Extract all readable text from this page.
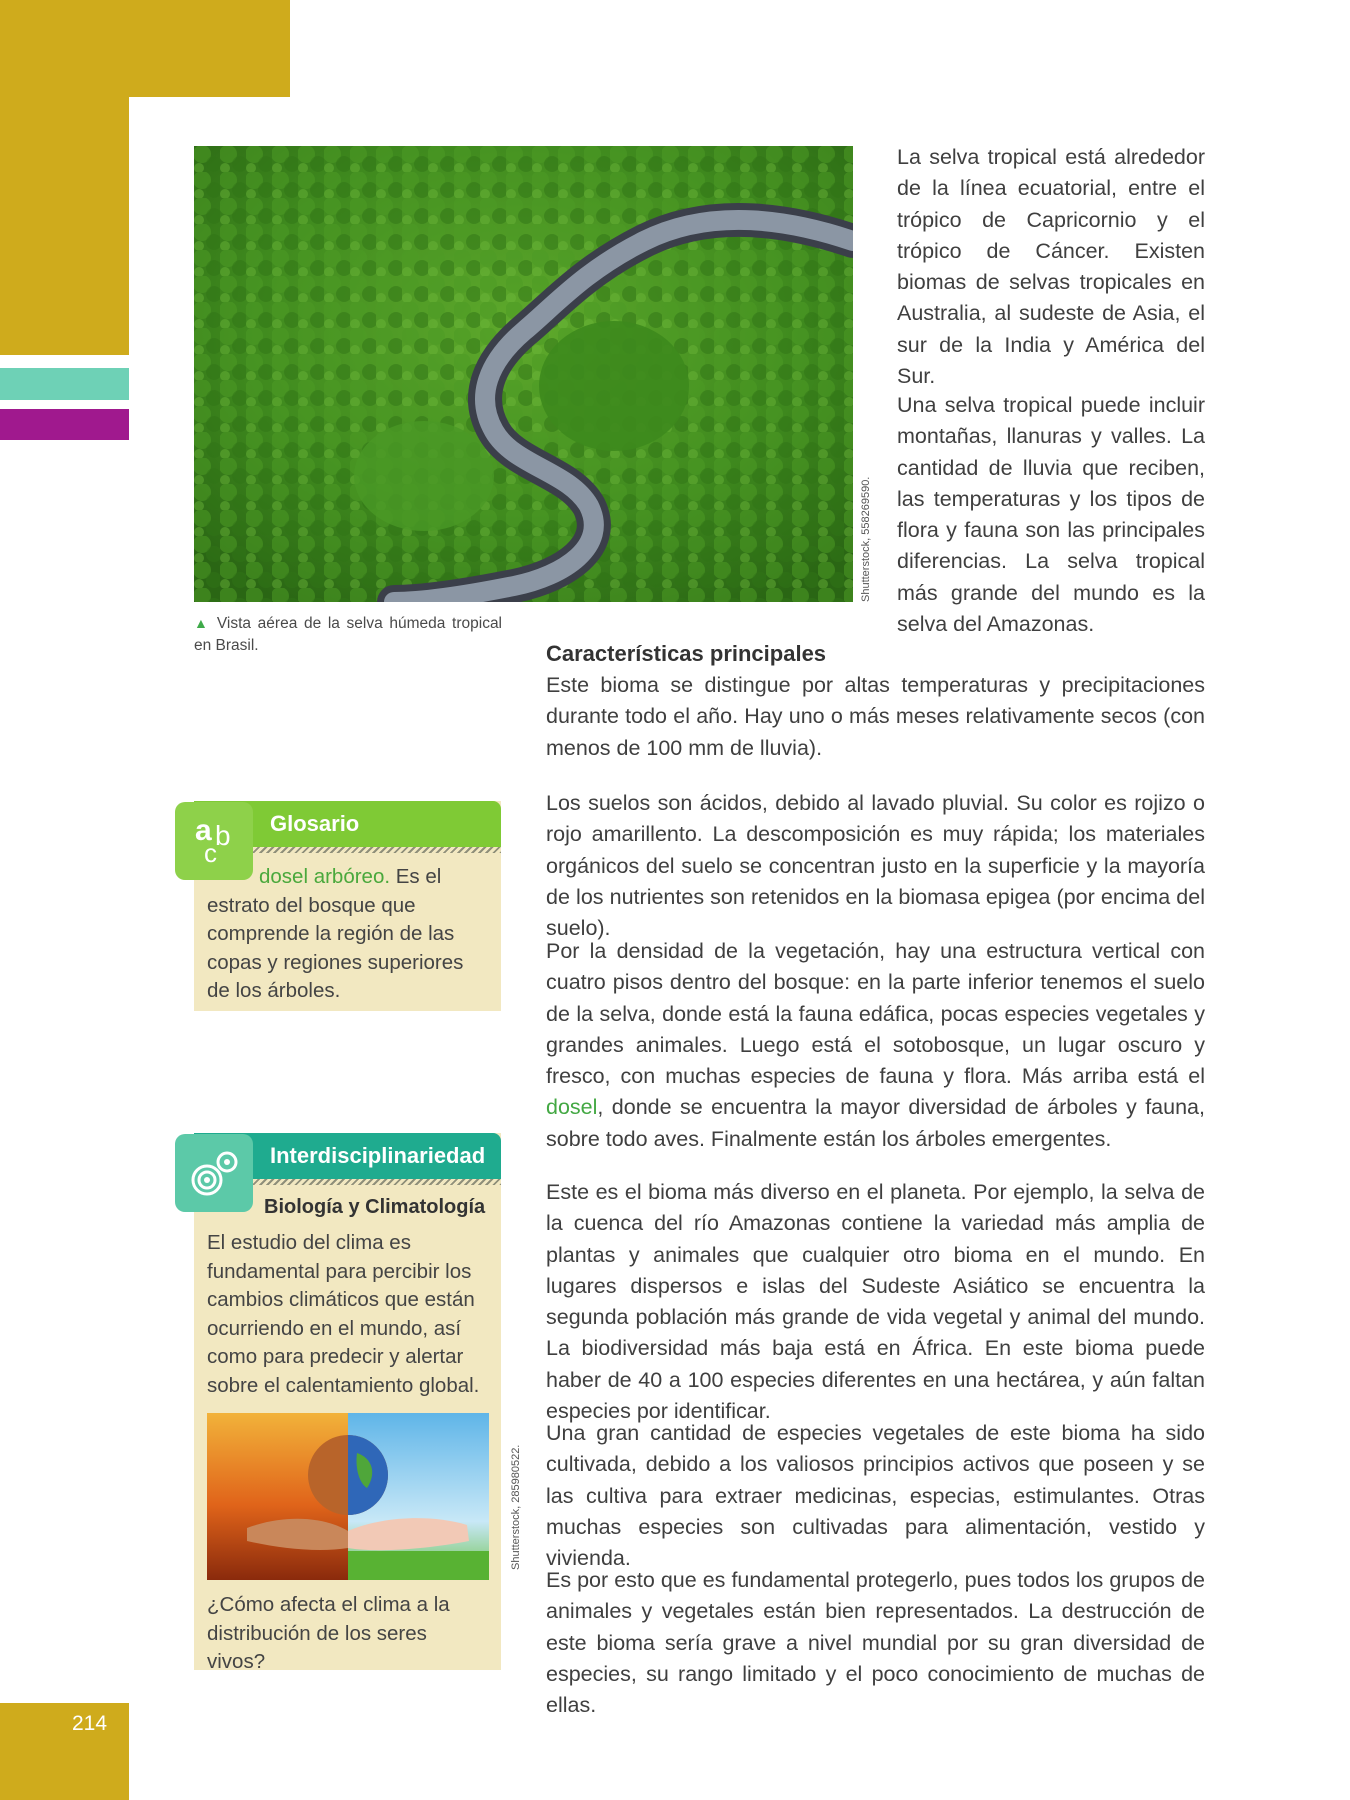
214
Shutterstock, 558269590.
▲ Vista aérea de la selva húmeda tropical en Brasil.

La selva tropical está alrededor de la línea ecuatorial, entre el trópico de Capricornio y el trópico de Cáncer. Existen biomas de selvas tropicales en Australia, al sudeste de Asia, el sur de la India y América del Sur.

Una selva tropical puede incluir montañas, llanuras y valles. La cantidad de lluvia que reciben, las temperaturas y los tipos de flora y fauna son las principales diferencias. La selva tropical más grande del mundo es la selva del Amazonas.

Características principales

Este bioma se distingue por altas temperaturas y precipitaciones durante todo el año. Hay uno o más meses relativamente secos (con menos de 100 mm de lluvia).

Los suelos son ácidos, debido al lavado pluvial. Su color es rojizo o rojo amarillento. La descomposición es muy rápida; los materiales orgánicos del suelo se concentran justo en la superficie y la mayoría de los nutrientes son retenidos en la biomasa epigea (por encima del suelo).

Por la densidad de la vegetación, hay una estructura vertical con cuatro pisos dentro del bosque: en la parte inferior tenemos el suelo de la selva, donde está la fauna edáfica, pocas especies vegetales y grandes animales. Luego está el sotobosque, un lugar oscuro y fresco, con muchas especies de fauna y flora. Más arriba está el dosel, donde se encuentra la mayor diversidad de árboles y fauna, sobre todo aves. Finalmente están los árboles emergentes.

Este es el bioma más diverso en el planeta. Por ejemplo, la selva de la cuenca del río Amazonas contiene la variedad más amplia de plantas y animales que cualquier otro bioma en el mundo. En lugares dispersos e islas del Sudeste Asiático se encuentra la segunda población más grande de vida vegetal y animal del mundo. La biodiversidad más baja está en África. En este bioma puede haber de 40 a 100 especies diferentes en una hectárea, y aún faltan especies por identificar.

Una gran cantidad de especies vegetales de este bioma ha sido cultivada, debido a los valiosos principios activos que poseen y se las cultiva para extraer medicinas, especias, estimulantes. Otras muchas especies son cultivadas para alimentación, vestido y vivienda.

Es por esto que es fundamental protegerlo, pues todos los grupos de animales y vegetales están bien representados. La destrucción de este bioma sería grave a nivel mundial por su gran diversidad de especies, su rango limitado y el poco conocimiento de muchas de ellas.

Glosario

dosel arbóreo. Es el estrato del bosque que comprende la región de las copas y regiones superiores de los árboles.

a b
c
Interdisciplinariedad
Biología y Climatología

El estudio del clima es fundamental para percibir los cambios climáticos que están ocurriendo en el mundo, así como para predecir y alertar sobre el calentamiento global.

¿Cómo afecta el clima a la distribución de los seres vivos?

Shutterstock, 285980522.
